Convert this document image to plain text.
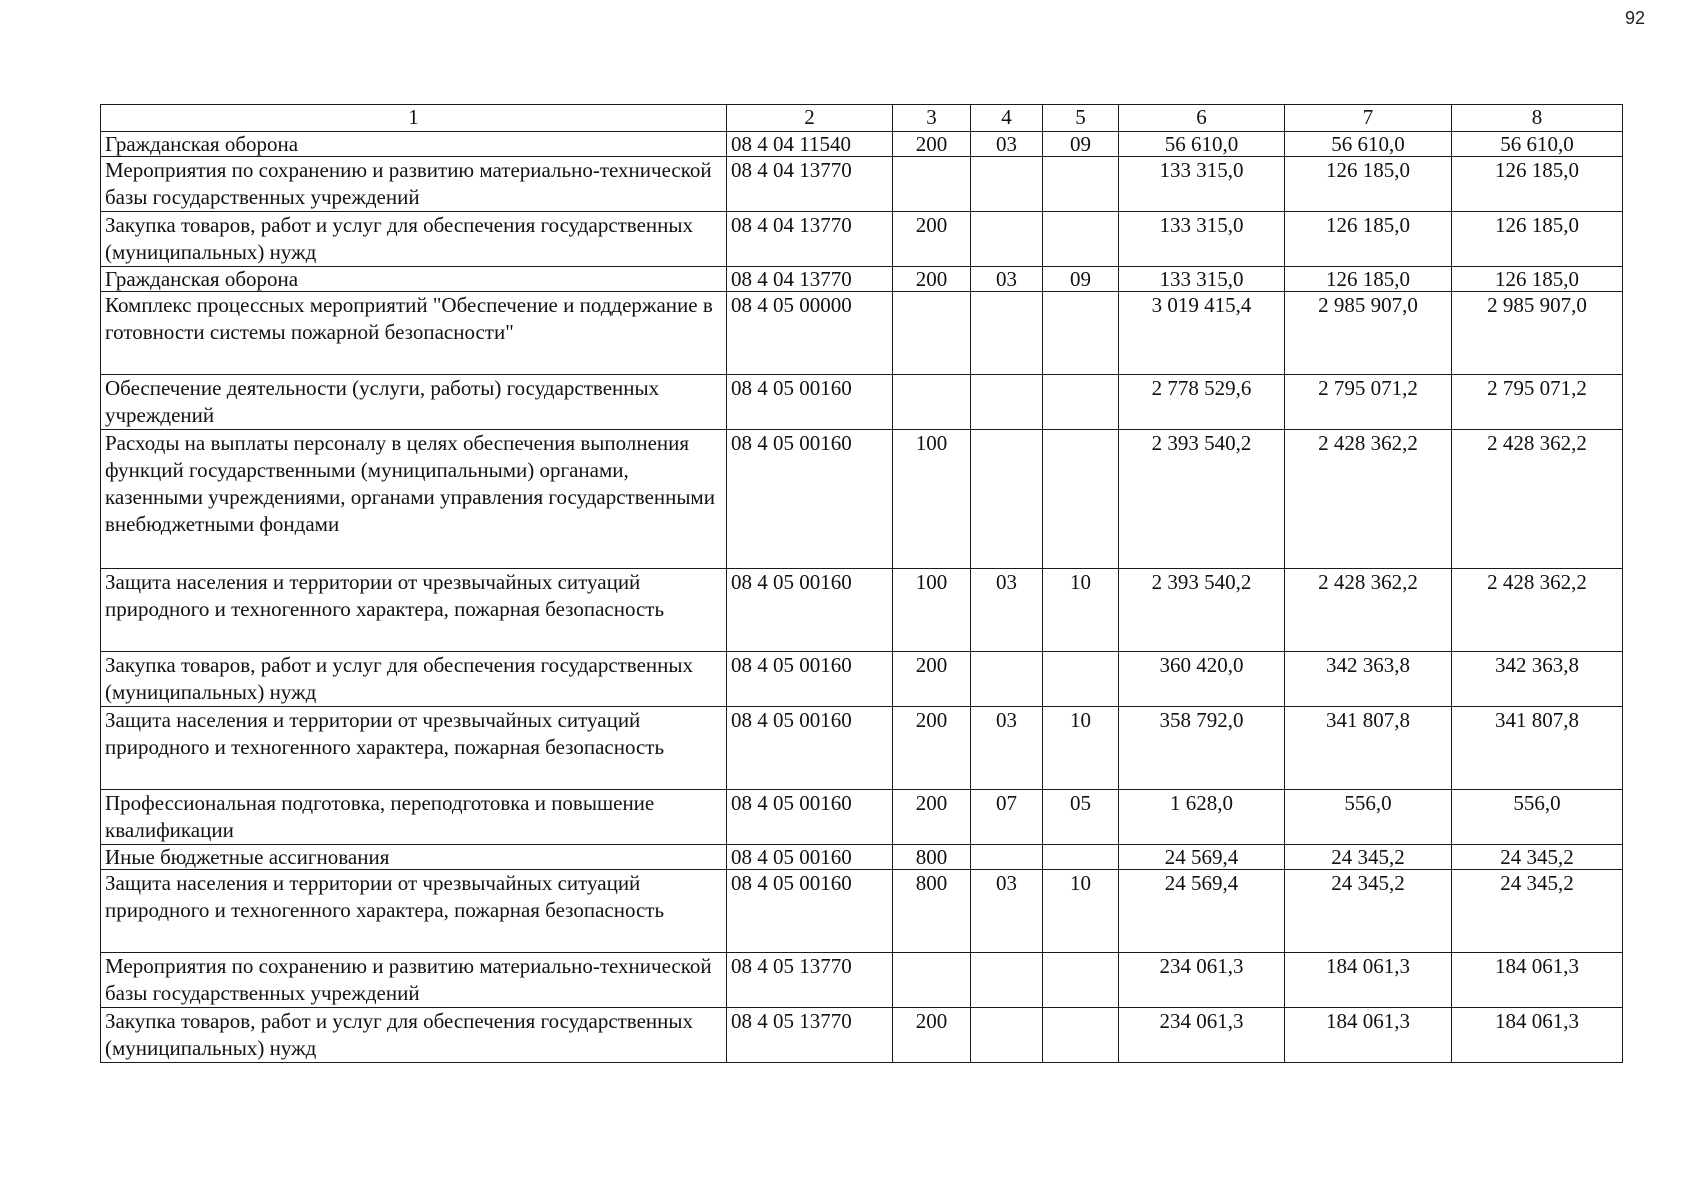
92
1	2	3	4	5	6	7	8
Гражданская оборона	08 4 04 11540	200	03	09	56 610,0	56 610,0	56 610,0
Мероприятия по сохранению и развитию материально-технической базы государственных учреждений	08 4 04 13770				133 315,0	126 185,0	126 185,0
Закупка товаров, работ и услуг для обеспечения государственных (муниципальных) нужд	08 4 04 13770	200			133 315,0	126 185,0	126 185,0
Гражданская оборона	08 4 04 13770	200	03	09	133 315,0	126 185,0	126 185,0
Комплекс процессных мероприятий "Обеспечение и поддержание в готовности системы пожарной безопасности"	08 4 05 00000				3 019 415,4	2 985 907,0	2 985 907,0
Обеспечение деятельности (услуги, работы) государственных учреждений	08 4 05 00160				2 778 529,6	2 795 071,2	2 795 071,2
Расходы на выплаты персоналу в целях обеспечения выполнения функций государственными (муниципальными) органами, казенными учреждениями, органами управления государственными внебюджетными фондами	08 4 05 00160	100			2 393 540,2	2 428 362,2	2 428 362,2
Защита населения и территории от чрезвычайных ситуаций природного и техногенного характера, пожарная безопасность	08 4 05 00160	100	03	10	2 393 540,2	2 428 362,2	2 428 362,2
Закупка товаров, работ и услуг для обеспечения государственных (муниципальных) нужд	08 4 05 00160	200			360 420,0	342 363,8	342 363,8
Защита населения и территории от чрезвычайных ситуаций природного и техногенного характера, пожарная безопасность	08 4 05 00160	200	03	10	358 792,0	341 807,8	341 807,8
Профессиональная подготовка, переподготовка и повышение квалификации	08 4 05 00160	200	07	05	1 628,0	556,0	556,0
Иные бюджетные ассигнования	08 4 05 00160	800			24 569,4	24 345,2	24 345,2
Защита населения и территории от чрезвычайных ситуаций природного и техногенного характера, пожарная безопасность	08 4 05 00160	800	03	10	24 569,4	24 345,2	24 345,2
Мероприятия по сохранению и развитию материально-технической базы государственных учреждений	08 4 05 13770				234 061,3	184 061,3	184 061,3
Закупка товаров, работ и услуг для обеспечения государственных (муниципальных) нужд	08 4 05 13770	200			234 061,3	184 061,3	184 061,3
